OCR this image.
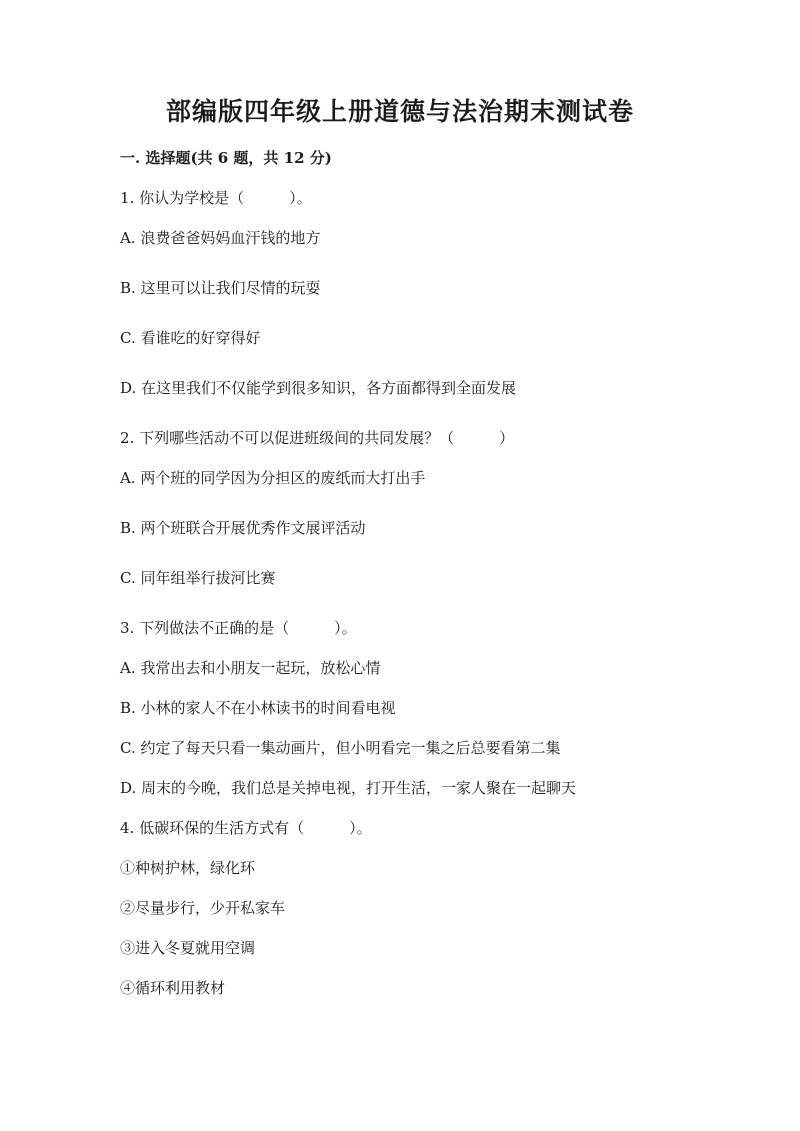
部编版四年级上册道德与法治期末测试卷
一. 选择题(共 6 题，共 12 分)
1. 你认为学校是（　　　）。
A. 浪费爸爸妈妈血汗钱的地方
B. 这里可以让我们尽情的玩耍
C. 看谁吃的好穿得好
D. 在这里我们不仅能学到很多知识，各方面都得到全面发展
2. 下列哪些活动不可以促进班级间的共同发展？（　　　）
A. 两个班的同学因为分担区的废纸而大打出手
B. 两个班联合开展优秀作文展评活动
C. 同年组举行拔河比赛
3. 下列做法不正确的是（　　　）。
A. 我常出去和小朋友一起玩，放松心情
B. 小林的家人不在小林读书的时间看电视
C. 约定了每天只看一集动画片，但小明看完一集之后总要看第二集
D. 周末的今晚，我们总是关掉电视，打开生活，一家人聚在一起聊天
4. 低碳环保的生活方式有（　　　）。
①种树护林，绿化环
②尽量步行，少开私家车
③进入冬夏就用空调
④循环利用教材
